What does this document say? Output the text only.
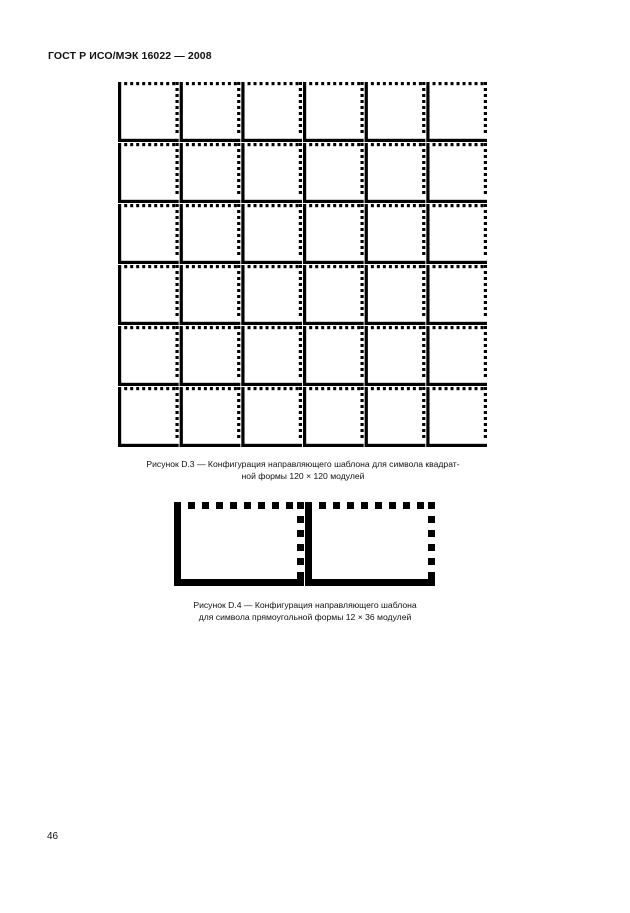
ГОСТ Р ИСО/МЭК 16022 — 2008
Рисунок D.3 — Конфигурация направляющего шаблона для символа квадрат-
ной формы 120 × 120 модулей
Рисунок D.4 — Конфигурация направляющего шаблона
для символа прямоугольной формы 12 × 36 модулей
46
